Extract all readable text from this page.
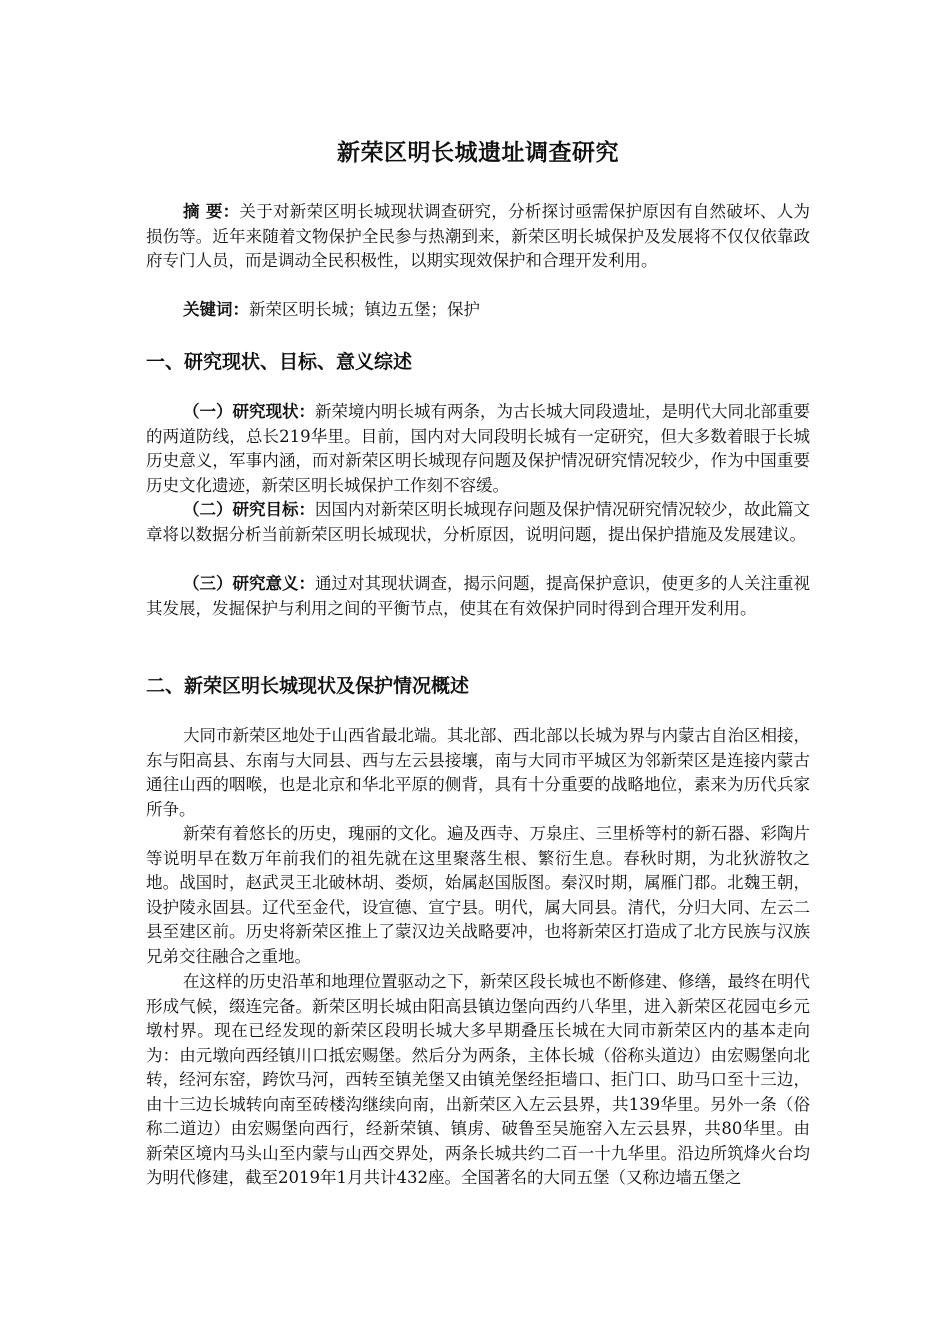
新荣区明长城遗址调查研究

摘 要：关于对新荣区明长城现状调查研究，分析探讨亟需保护原因有自然破坏、人为损伤等。近年来随着文物保护全民参与热潮到来，新荣区明长城保护及发展将不仅仅依靠政府专门人员，而是调动全民积极性，以期实现效保护和合理开发利用。

关键词：新荣区明长城；镇边五堡；保护

一、研究现状、目标、意义综述

（一）研究现状：新荣境内明长城有两条，为古长城大同段遗址，是明代大同北部重要的两道防线，总长219华里。目前，国内对大同段明长城有一定研究，但大多数着眼于长城历史意义，军事内涵，而对新荣区明长城现存问题及保护情况研究情况较少，作为中国重要历史文化遗迹，新荣区明长城保护工作刻不容缓。

（二）研究目标：因国内对新荣区明长城现存问题及保护情况研究情况较少，故此篇文章将以数据分析当前新荣区明长城现状，分析原因，说明问题，提出保护措施及发展建议。

（三）研究意义：通过对其现状调查，揭示问题，提高保护意识，使更多的人关注重视其发展，发掘保护与利用之间的平衡节点，使其在有效保护同时得到合理开发利用。

二、新荣区明长城现状及保护情况概述

大同市新荣区地处于山西省最北端。其北部、西北部以长城为界与内蒙古自治区相接，东与阳高县、东南与大同县、西与左云县接壤，南与大同市平城区为邻新荣区是连接内蒙古通往山西的咽喉，也是北京和华北平原的侧背，具有十分重要的战略地位，素来为历代兵家所争。

新荣有着悠长的历史，瑰丽的文化。遍及西寺、万泉庄、三里桥等村的新石器、彩陶片等说明早在数万年前我们的祖先就在这里聚落生根、繁衍生息。春秋时期，为北狄游牧之地。战国时，赵武灵王北破林胡、娄烦，始属赵国版图。秦汉时期，属雁门郡。北魏王朝，设护陵永固县。辽代至金代，设宣德、宣宁县。明代，属大同县。清代，分归大同、左云二县至建区前。历史将新荣区推上了蒙汉边关战略要冲，也将新荣区打造成了北方民族与汉族兄弟交往融合之重地。

在这样的历史沿革和地理位置驱动之下，新荣区段长城也不断修建、修缮，最终在明代形成气候，缀连完备。新荣区明长城由阳高县镇边堡向西约八华里，进入新荣区花园屯乡元墩村界。现在已经发现的新荣区段明长城大多早期叠压长城在大同市新荣区内的基本走向为：由元墩向西经镇川口抵宏赐堡。然后分为两条，主体长城（俗称头道边）由宏赐堡向北转，经河东窑，跨饮马河，西转至镇羌堡又由镇羌堡经拒墙口、拒门口、助马口至十三边，由十三边长城转向南至砖楼沟继续向南，出新荣区入左云县界，共139华里。另外一条（俗称二道边）由宏赐堡向西行，经新荣镇、镇虏、破鲁至吴施窑入左云县界，共80华里。由新荣区境内马头山至内蒙与山西交界处，两条长城共约二百一十九华里。沿边所筑烽火台均为明代修建，截至2019年1月共计432座。全国著名的大同五堡（又称边墙五堡之
